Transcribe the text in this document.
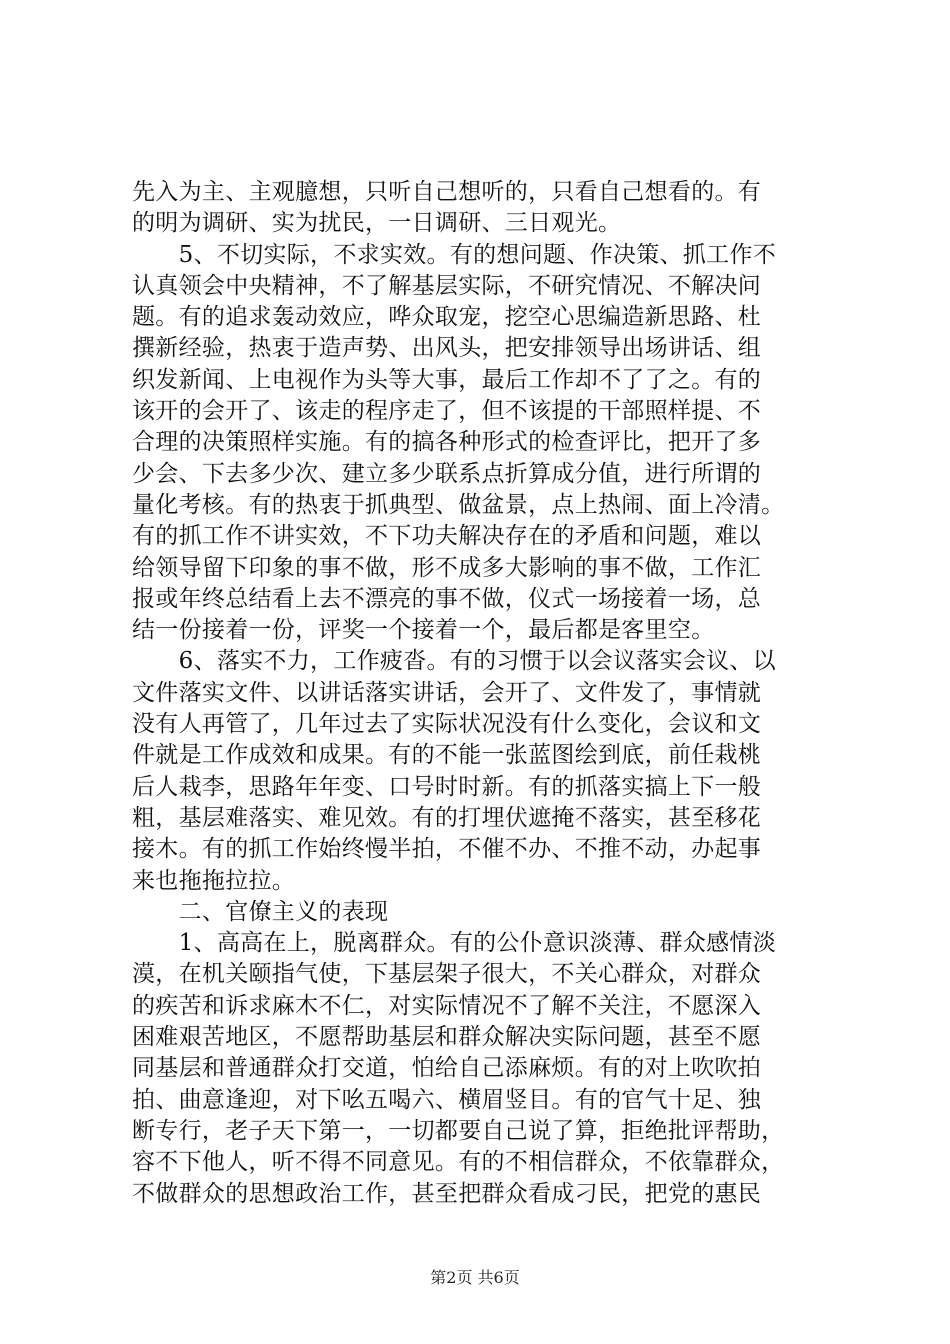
先入为主、主观臆想，只听自己想听的，只看自己想看的。有
的明为调研、实为扰民，一日调研、三日观光。
　　5、不切实际，不求实效。有的想问题、作决策、抓工作不
认真领会中央精神，不了解基层实际，不研究情况、不解决问
题。有的追求轰动效应，哗众取宠，挖空心思编造新思路、杜
撰新经验，热衷于造声势、出风头，把安排领导出场讲话、组
织发新闻、上电视作为头等大事，最后工作却不了了之。有的
该开的会开了、该走的程序走了，但不该提的干部照样提、不
合理的决策照样实施。有的搞各种形式的检查评比，把开了多
少会、下去多少次、建立多少联系点折算成分值，进行所谓的
量化考核。有的热衷于抓典型、做盆景，点上热闹、面上冷清。
有的抓工作不讲实效，不下功夫解决存在的矛盾和问题，难以
给领导留下印象的事不做，形不成多大影响的事不做，工作汇
报或年终总结看上去不漂亮的事不做，仪式一场接着一场，总
结一份接着一份，评奖一个接着一个，最后都是客里空。
　　6、落实不力，工作疲沓。有的习惯于以会议落实会议、以
文件落实文件、以讲话落实讲话，会开了、文件发了，事情就
没有人再管了，几年过去了实际状况没有什么变化，会议和文
件就是工作成效和成果。有的不能一张蓝图绘到底，前任栽桃
后人栽李，思路年年变、口号时时新。有的抓落实搞上下一般
粗，基层难落实、难见效。有的打埋伏遮掩不落实，甚至移花
接木。有的抓工作始终慢半拍，不催不办、不推不动，办起事
来也拖拖拉拉。
　　二、官僚主义的表现
　　1、高高在上，脱离群众。有的公仆意识淡薄、群众感情淡
漠，在机关颐指气使，下基层架子很大，不关心群众，对群众
的疾苦和诉求麻木不仁，对实际情况不了解不关注，不愿深入
困难艰苦地区，不愿帮助基层和群众解决实际问题，甚至不愿
同基层和普通群众打交道，怕给自己添麻烦。有的对上吹吹拍
拍、曲意逢迎，对下吆五喝六、横眉竖目。有的官气十足、独
断专行，老子天下第一，一切都要自己说了算，拒绝批评帮助，
容不下他人，听不得不同意见。有的不相信群众，不依靠群众，
不做群众的思想政治工作，甚至把群众看成刁民，把党的惠民
第2页 共6页
